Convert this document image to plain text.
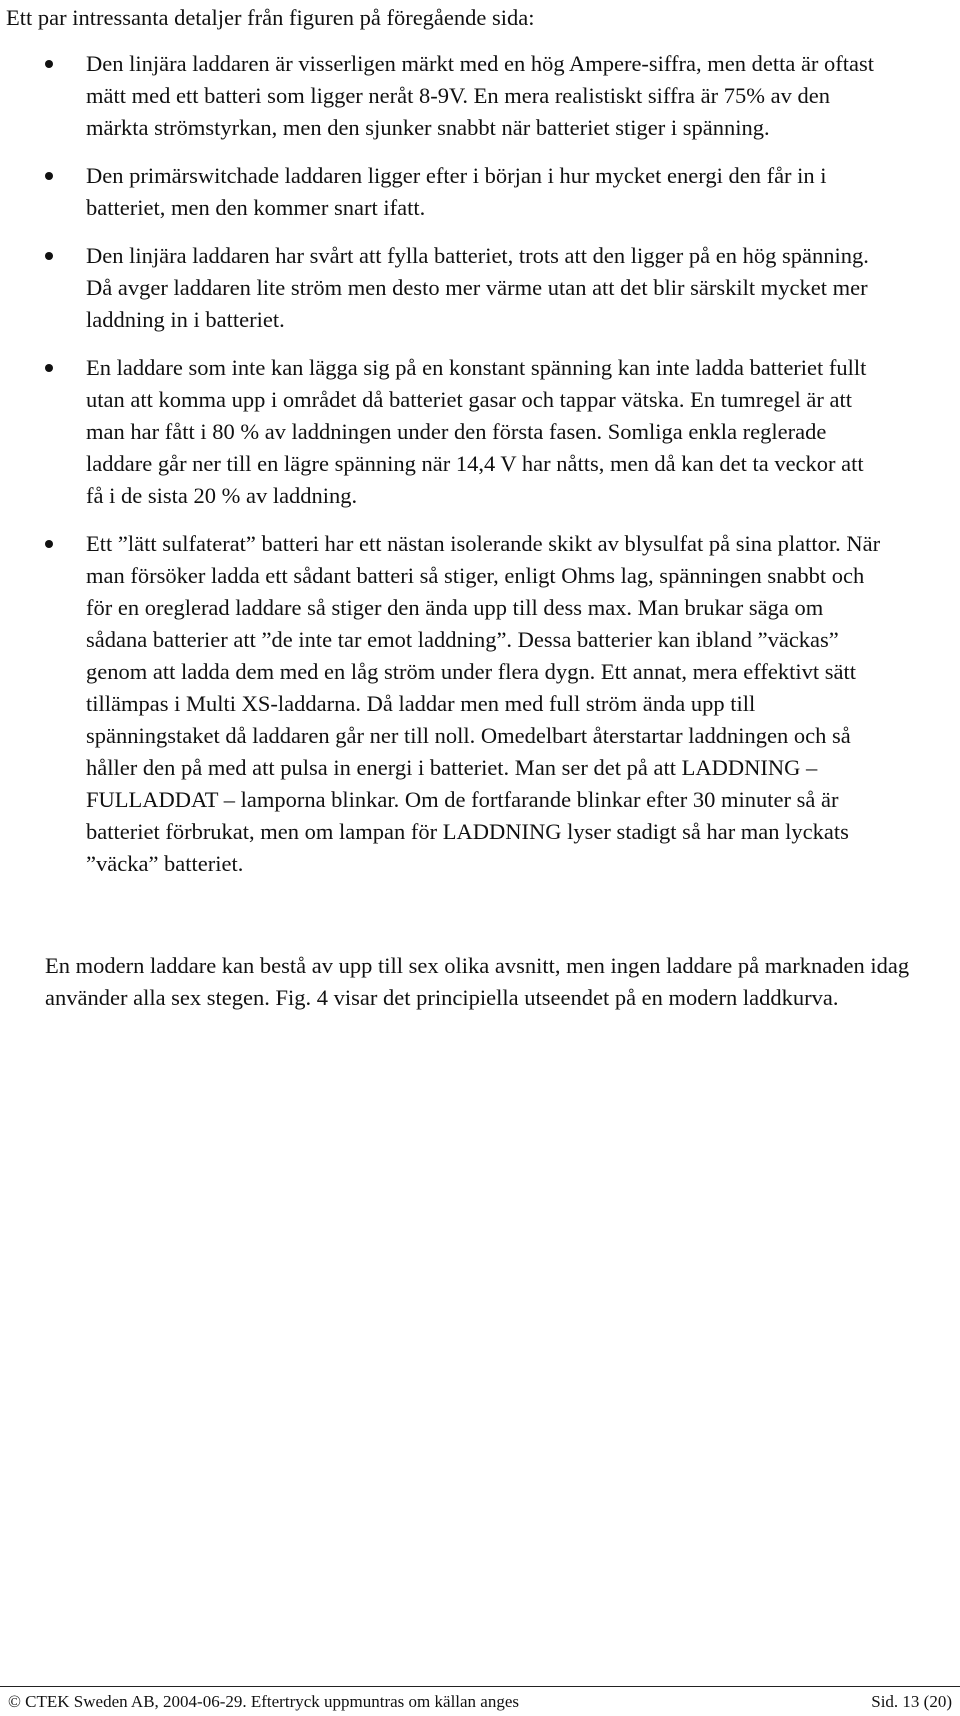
Ett par intressanta detaljer från figuren på föregående sida:

Den linjära laddaren är visserligen märkt med en hög Ampere-siffra, men detta är oftast mätt med ett batteri som ligger neråt 8-9V. En mera realistiskt siffra är 75% av den märkta strömstyrkan, men den sjunker snabbt när batteriet stiger i spänning.
Den primärswitchade laddaren ligger efter i början i hur mycket energi den får in i batteriet, men den kommer snart ifatt.
Den linjära laddaren har svårt att fylla batteriet, trots att den ligger på en hög spänning. Då avger laddaren lite ström men desto mer värme utan att det blir särskilt mycket mer laddning in i batteriet.
En laddare som inte kan lägga sig på en konstant spänning kan inte ladda batteriet fullt utan att komma upp i området då batteriet gasar och tappar vätska. En tumregel är att man har fått i 80 % av laddningen under den första fasen. Somliga enkla reglerade laddare går ner till en lägre spänning när 14,4 V har nåtts, men då kan det ta veckor att få i de sista 20 % av laddning.
Ett ”lätt sulfaterat” batteri har ett nästan isolerande skikt av blysulfat på sina plattor. När man försöker ladda ett sådant batteri så stiger, enligt Ohms lag, spänningen snabbt och för en oreglerad laddare så stiger den ända upp till dess max. Man brukar säga om sådana batterier att ”de inte tar emot laddning”. Dessa batterier kan ibland ”väckas” genom att ladda dem med en låg ström under flera dygn. Ett annat, mera effektivt sätt tillämpas i Multi XS-laddarna. Då laddar men med full ström ända upp till spänningstaket då laddaren går ner till noll. Omedelbart återstartar laddningen och så håller den på med att pulsa in energi i batteriet. Man ser det på att LADDNING –FULLADDAT – lamporna blinkar. Om de fortfarande blinkar efter 30 minuter så är batteriet förbrukat, men om lampan för LADDNING lyser stadigt så har man lyckats ”väcka” batteriet.

En modern laddare kan bestå av upp till sex olika avsnitt, men ingen laddare på marknaden idag använder alla sex stegen. Fig. 4 visar det principiella utseendet på en modern laddkurva.

© CTEK Sweden AB, 2004-06-29. Eftertryck uppmuntras om källan anges	Sid. 13 (20)
